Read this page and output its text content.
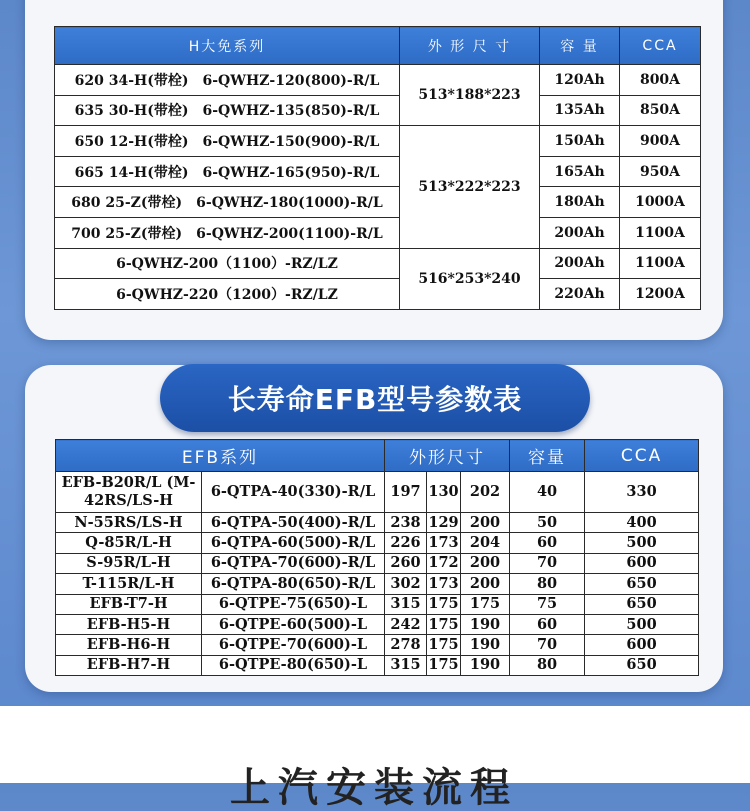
H大免系列	外 形 尺 寸	容 量	CCA
620 34-H(带栓)　6-QWHZ-120(800)-R/L	513*188*223	120Ah	800A
635 30-H(带栓)　6-QWHZ-135(850)-R/L		135Ah	850A
650 12-H(带栓)　6-QWHZ-150(900)-R/L	513*222*223	150Ah	900A
665 14-H(带栓)　6-QWHZ-165(950)-R/L		165Ah	950A
680 25-Z(带栓)　6-QWHZ-180(1000)-R/L		180Ah	1000A
700 25-Z(带栓)　6-QWHZ-200(1100)-R/L		200Ah	1100A
6-QWHZ-200（1100）-RZ/LZ	516*253*240	200Ah	1100A
6-QWHZ-220（1200）-RZ/LZ		220Ah	1200A
长寿命EFB型号参数表
EFB系列		外形尺寸			容量	CCA
EFB-B20R/L (M-42RS/LS-H	6-QTPA-40(330)-R/L	197	130	202	40	330
N-55RS/LS-H	6-QTPA-50(400)-R/L	238	129	200	50	400
Q-85R/L-H	6-QTPA-60(500)-R/L	226	173	204	60	500
S-95R/L-H	6-QTPA-70(600)-R/L	260	172	200	70	600
T-115R/L-H	6-QTPA-80(650)-R/L	302	173	200	80	650
EFB-T7-H	6-QTPE-75(650)-L	315	175	175	75	650
EFB-H5-H	6-QTPE-60(500)-L	242	175	190	60	500
EFB-H6-H	6-QTPE-70(600)-L	278	175	190	70	600
EFB-H7-H	6-QTPE-80(650)-L	315	175	190	80	650
上汽安装流程
